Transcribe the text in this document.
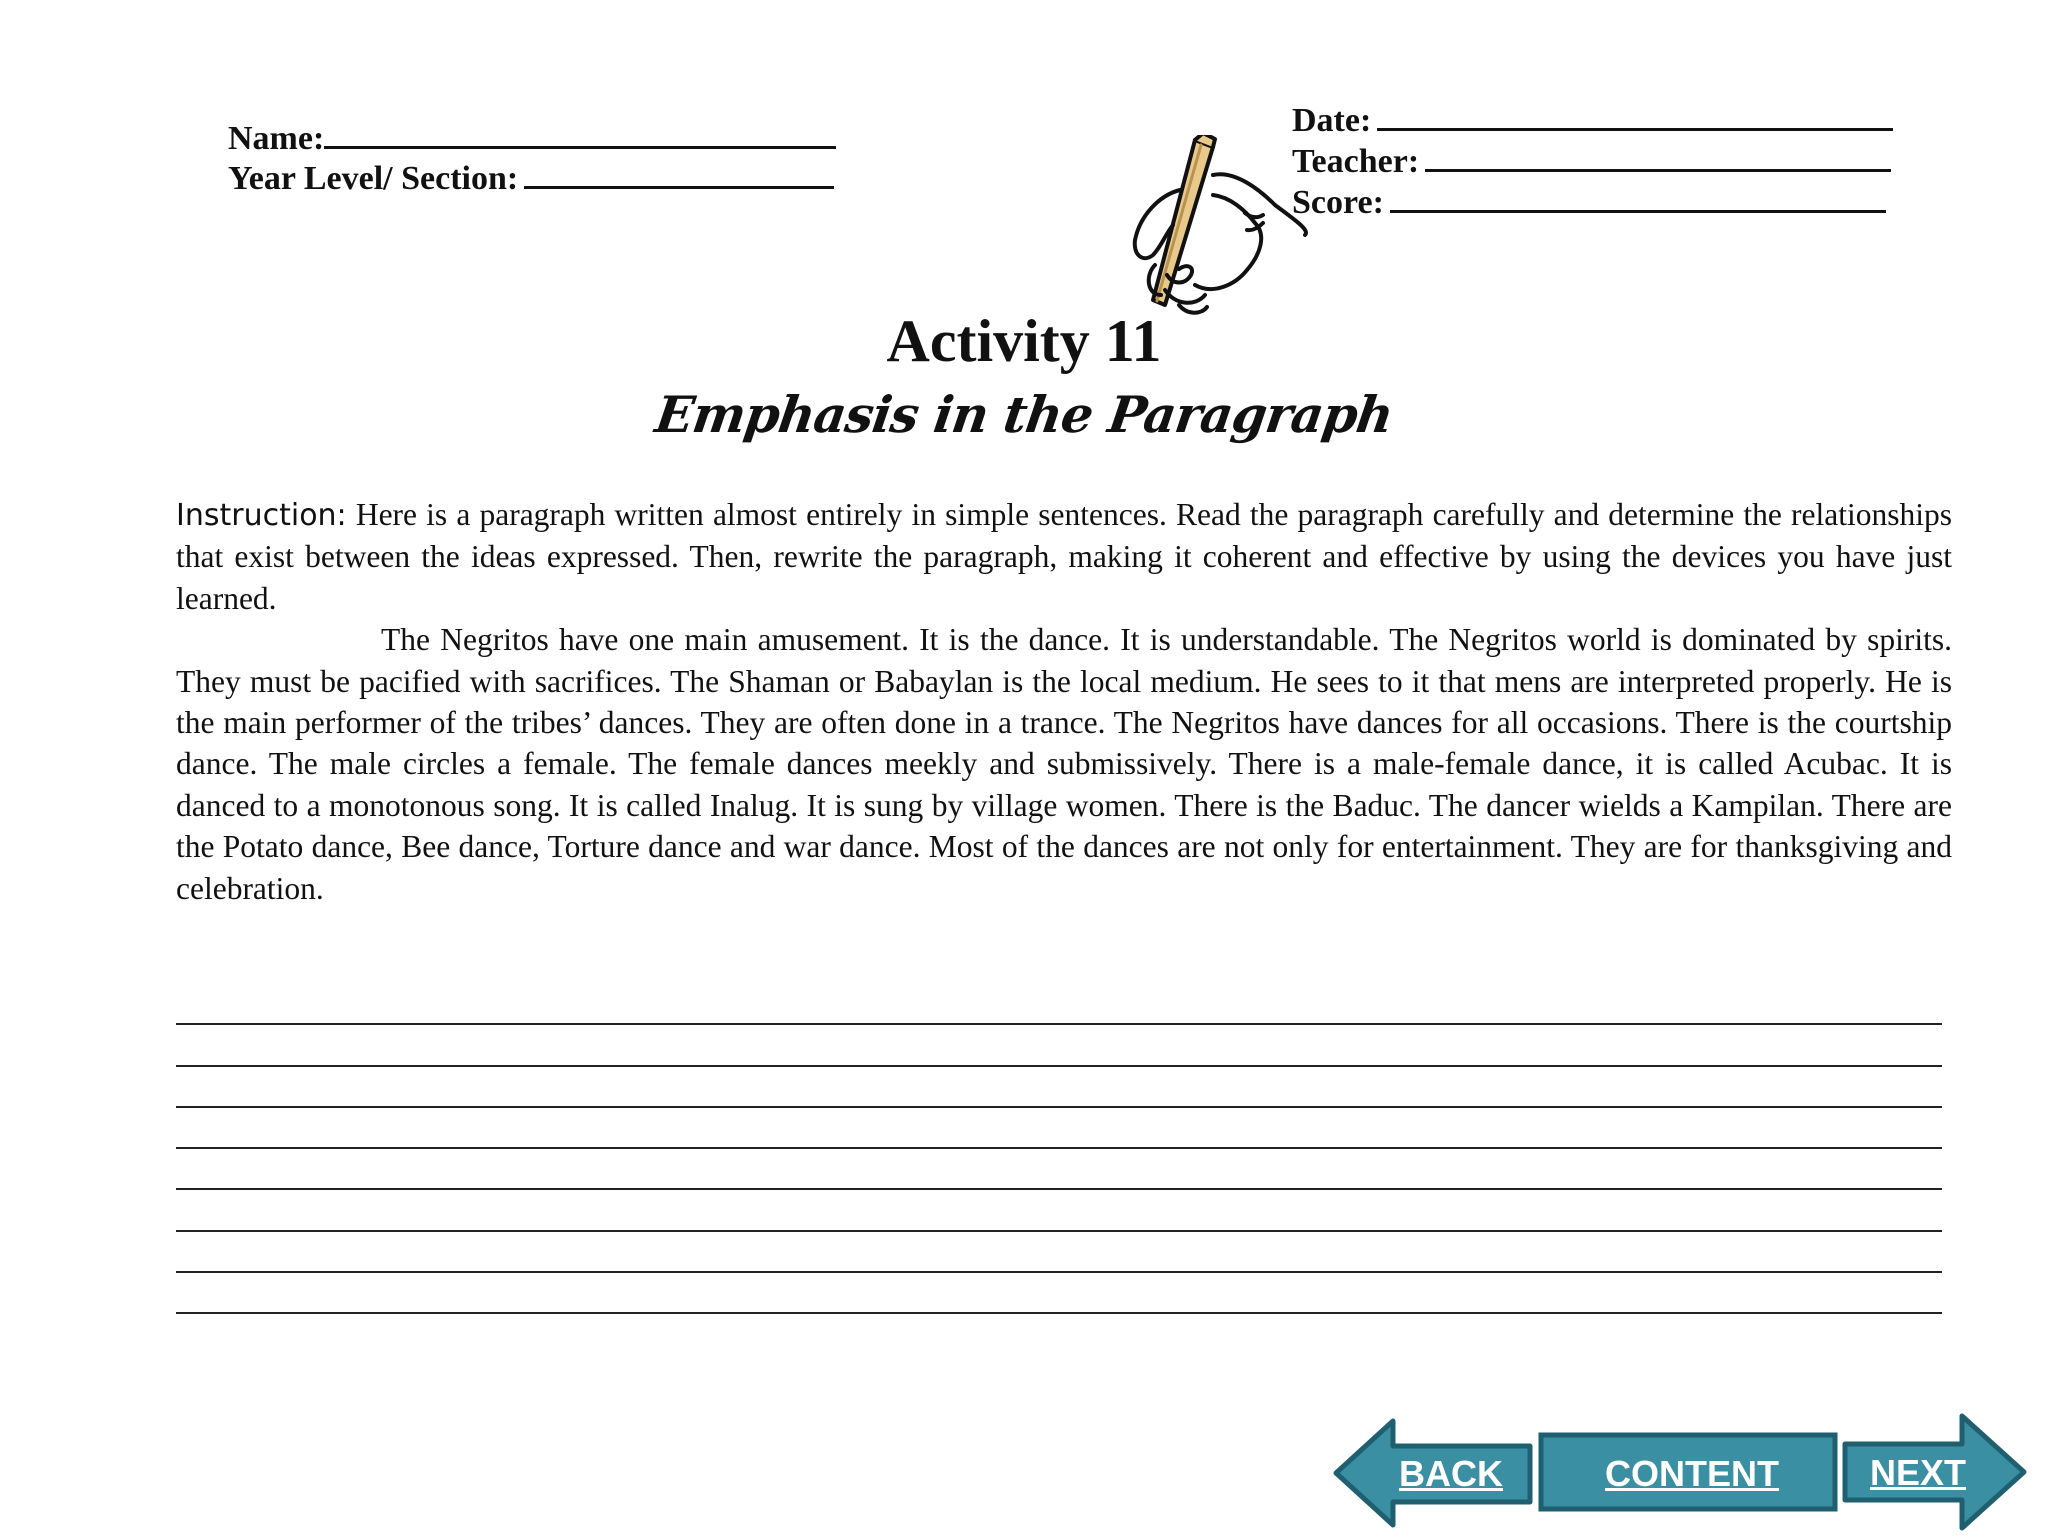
Name:
Year Level/ Section:
Date:
Teacher:
Score:
Activity 11
Emphasis in the Paragraph

Instruction: Here is a paragraph written almost entirely in simple sentences. Read the paragraph carefully and determine the relationships that exist between the ideas expressed. Then, rewrite the paragraph, making it coherent and effective by using the devices you have just learned.

The Negritos have one main amusement. It is the dance. It is understandable. The Negritos world is dominated by spirits. They must be pacified with sacrifices. The Shaman or Babaylan is the local medium. He sees to it that mens are interpreted properly. He is the main performer of the tribes’ dances. They are often done in a trance. The Negritos have dances for all occasions. There is the courtship dance. The male circles a female. The female dances meekly and submissively. There is a male-female dance, it is called Acubac. It is danced to a monotonous song. It is called Inalug. It is sung by village women. There is the Baduc. The dancer wields a Kampilan. There are the Potato dance, Bee dance, Torture dance and war dance. Most of the dances are not only for entertainment. They are for thanksgiving and celebration.

BACK	CONTENT	NEXT
